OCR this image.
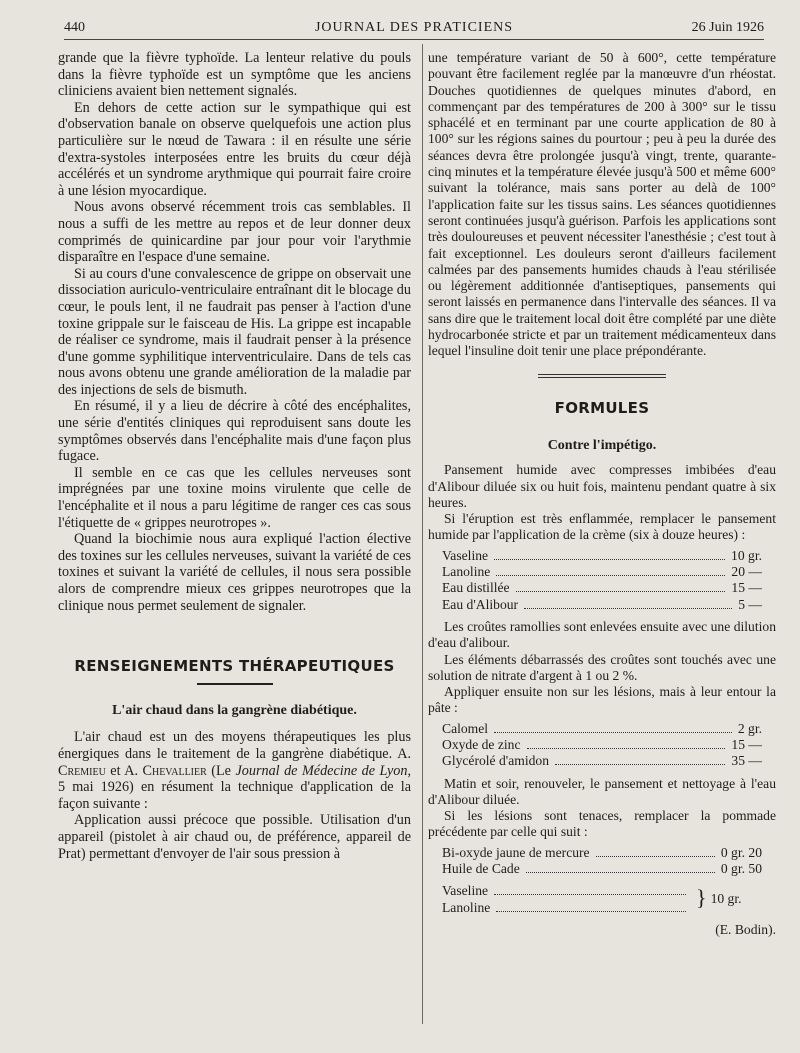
440	JOURNAL DES PRATICIENS	26 Juin 1926

grande que la fièvre typhoïde. La lenteur relative du pouls dans la fièvre typhoïde est un symptôme que les anciens cliniciens avaient bien nettement signalés.

En dehors de cette action sur le sympathique qui est d'observation banale on observe quelquefois une action plus particulière sur le nœud de Tawara : il en résulte une série d'extra-systoles interposées entre les bruits du cœur déjà accélérés et un syndrome arythmique qui pourrait faire croire à une lésion myocardique.

Nous avons observé récemment trois cas semblables. Il nous a suffi de les mettre au repos et de leur donner deux comprimés de quinicardine par jour pour voir l'arythmie disparaître en l'espace d'une semaine.

Si au cours d'une convalescence de grippe on observait une dissociation auriculo-ventriculaire entraînant dit le blocage du cœur, le pouls lent, il ne faudrait pas penser à l'action d'une toxine grippale sur le faisceau de His. La grippe est incapable de réaliser ce syndrome, mais il faudrait penser à la présence d'une gomme syphilitique interventriculaire. Dans de tels cas nous avons obtenu une grande amélioration de la maladie par des injections de sels de bismuth.

En résumé, il y a lieu de décrire à côté des encéphalites, une série d'entités cliniques qui reproduisent sans doute les symptômes observés dans l'encéphalite mais d'une façon plus fugace.

Il semble en ce cas que les cellules nerveuses sont imprégnées par une toxine moins virulente que celle de l'encéphalite et il nous a paru légitime de ranger ces cas sous l'étiquette de « grippes neurotropes ».

Quand la biochimie nous aura expliqué l'action élective des toxines sur les cellules nerveuses, suivant la variété de ces toxines et suivant la variété de cellules, il nous sera possible alors de comprendre mieux ces grippes neurotropes que la clinique nous permet seulement de signaler.

RENSEIGNEMENTS THÉRAPEUTIQUES
L'air chaud dans la gangrène diabétique.

L'air chaud est un des moyens thérapeutiques les plus énergiques dans le traitement de la gangrène diabétique. A. Cremieu et A. Chevallier (Le Journal de Médecine de Lyon, 5 mai 1926) en résument la technique d'application de la façon suivante :

Application aussi précoce que possible. Utilisation d'un appareil (pistolet à air chaud ou, de préférence, appareil de Prat) permettant d'envoyer de l'air sous pression à

une température variant de 50 à 600°, cette température pouvant être facilement reglée par la manœuvre d'un rhéostat. Douches quotidiennes de quelques minutes d'abord, en commençant par des températures de 200 à 300° sur le tissu sphacélé et en terminant par une courte application de 80 à 100° sur les régions saines du pourtour ; peu à peu la durée des séances devra être prolongée jusqu'à vingt, trente, quarante-cinq minutes et la température élevée jusqu'à 500 et même 600° suivant la tolérance, mais sans porter au delà de 100° l'application faite sur les tissus sains. Les séances quotidiennes seront continuées jusqu'à guérison. Parfois les applications sont très douloureuses et peuvent nécessiter l'anesthésie ; c'est tout à fait exceptionnel. Les douleurs seront d'ailleurs facilement calmées par des pansements humides chauds à l'eau stérilisée ou légèrement additionnée d'antiseptiques, pansements qui seront laissés en permanence dans l'intervalle des séances. Il va sans dire que le traitement local doit être complété par une diète hydrocarbonée stricte et par un traitement médicamenteux dans lequel l'insuline doit tenir une place prépondérante.

FORMULES
Contre l'impétigo.

Pansement humide avec compresses imbibées d'eau d'Alibour diluée six ou huit fois, maintenu pendant quatre à six heures.

Si l'éruption est très enflammée, remplacer le pansement humide par l'application de la crème (six à douze heures) :

Vaseline	10 gr.
Lanoline	20 —
Eau distillée	15 —
Eau d'Alibour	5 —

Les croûtes ramollies sont enlevées ensuite avec une dilution d'eau d'alibour.

Les éléments débarrassés des croûtes sont touchés avec une solution de nitrate d'argent à 1 ou 2 %.

Appliquer ensuite non sur les lésions, mais à leur entour la pâte :

Calomel	2 gr.
Oxyde de zinc	15 —
Glycérolé d'amidon	35 —

Matin et soir, renouveler, le pansement et nettoyage à l'eau d'Alibour diluée.

Si les lésions sont tenaces, remplacer la pommade précédente par celle qui suit :

Bi-oxyde jaune de mercure	0 gr. 20
Huile de Cade	0 gr. 50
Vaseline
Lanoline	} 10 gr.
(E. Bodin).
